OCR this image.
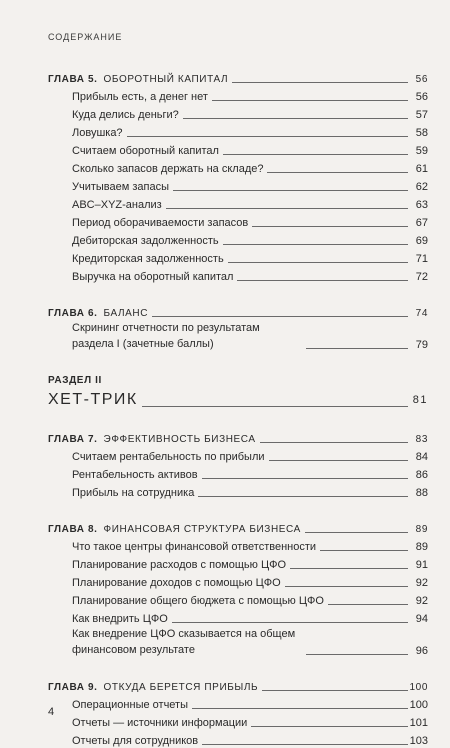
СОДЕРЖАНИЕ
ГЛАВА 5. ОБОРОТНЫЙ КАПИТАЛ	56
Прибыль есть, а денег нет	56
Куда делись деньги?	57
Ловушка?	58
Считаем оборотный капитал	59
Сколько запасов держать на складе?	61
Учитываем запасы	62
ABC–XYZ-анализ	63
Период оборачиваемости запасов	67
Дебиторская задолженность	69
Кредиторская задолженность	71
Выручка на оборотный капитал	72
ГЛАВА 6. БАЛАНС	74
Скрининг отчетности по результатам раздела I (зачетные баллы)	79
РАЗДЕЛ II
ХЕТ-ТРИК	81
ГЛАВА 7. ЭФФЕКТИВНОСТЬ БИЗНЕСА	83
Считаем рентабельность по прибыли	84
Рентабельность активов	86
Прибыль на сотрудника	88
ГЛАВА 8. ФИНАНСОВАЯ СТРУКТУРА БИЗНЕСА	89
Что такое центры финансовой ответственности	89
Планирование расходов с помощью ЦФО	91
Планирование доходов с помощью ЦФО	92
Планирование общего бюджета с помощью ЦФО	92
Как внедрить ЦФО	94
Как внедрение ЦФО сказывается на общем финансовом результате	96
ГЛАВА 9. ОТКУДА БЕРЕТСЯ ПРИБЫЛЬ	100
Операционные отчеты	100
Отчеты — источники информации	101
Отчеты для сотрудников	103
4
